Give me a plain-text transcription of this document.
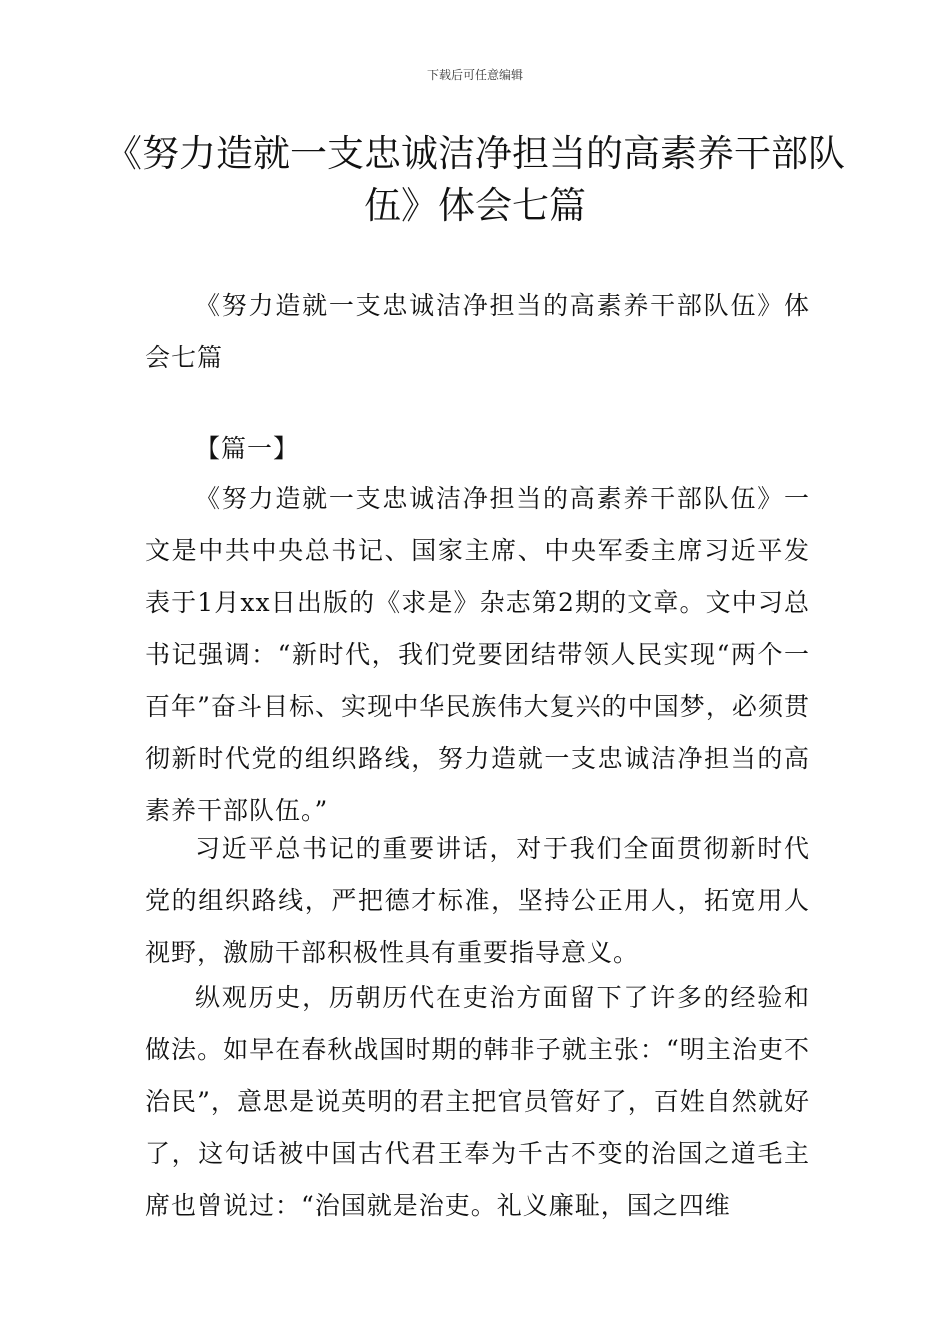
下载后可任意编辑
《努力造就一支忠诚洁净担当的高素养干部队伍》体会七篇

《努力造就一支忠诚洁净担当的高素养干部队伍》体会七篇

【篇一】

《努力造就一支忠诚洁净担当的高素养干部队伍》一文是中共中央总书记、国家主席、中央军委主席习近平发表于1月xx日出版的《求是》杂志第2期的文章。文中习总书记强调：“新时代，我们党要团结带领人民实现“两个一百年”奋斗目标、实现中华民族伟大复兴的中国梦，必须贯彻新时代党的组织路线，努力造就一支忠诚洁净担当的高素养干部队伍。”

习近平总书记的重要讲话，对于我们全面贯彻新时代党的组织路线，严把德才标准，坚持公正用人，拓宽用人视野，激励干部积极性具有重要指导意义。

纵观历史，历朝历代在吏治方面留下了许多的经验和做法。如早在春秋战国时期的韩非子就主张：“明主治吏不治民”，意思是说英明的君主把官员管好了，百姓自然就好了，这句话被中国古代君王奉为千古不变的治国之道毛主席也曾说过：“治国就是治吏。礼义廉耻，国之四维
